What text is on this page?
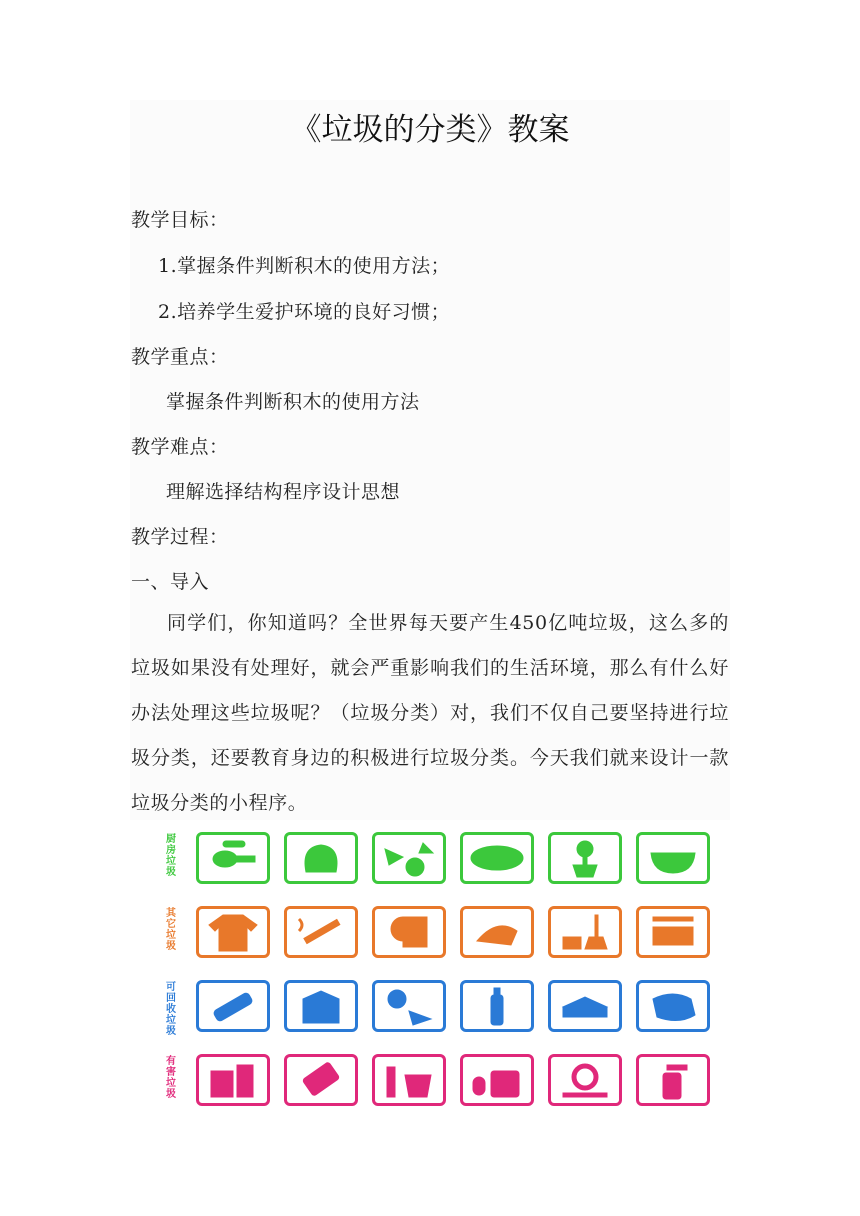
《垃圾的分类》教案
教学目标：
1.掌握条件判断积木的使用方法；
2.培养学生爱护环境的良好习惯；
教学重点：
掌握条件判断积木的使用方法
教学难点：
理解选择结构程序设计思想
教学过程：
一、导入
同学们，你知道吗？全世界每天要产生450亿吨垃圾，这么多的垃圾如果没有处理好，就会严重影响我们的生活环境，那么有什么好办法处理这些垃圾呢？（垃圾分类）对，我们不仅自己要坚持进行垃圾分类，还要教育身边的积极进行垃圾分类。今天我们就来设计一款垃圾分类的小程序。
厨房垃圾
其它垃圾
可回收垃圾
有害垃圾
